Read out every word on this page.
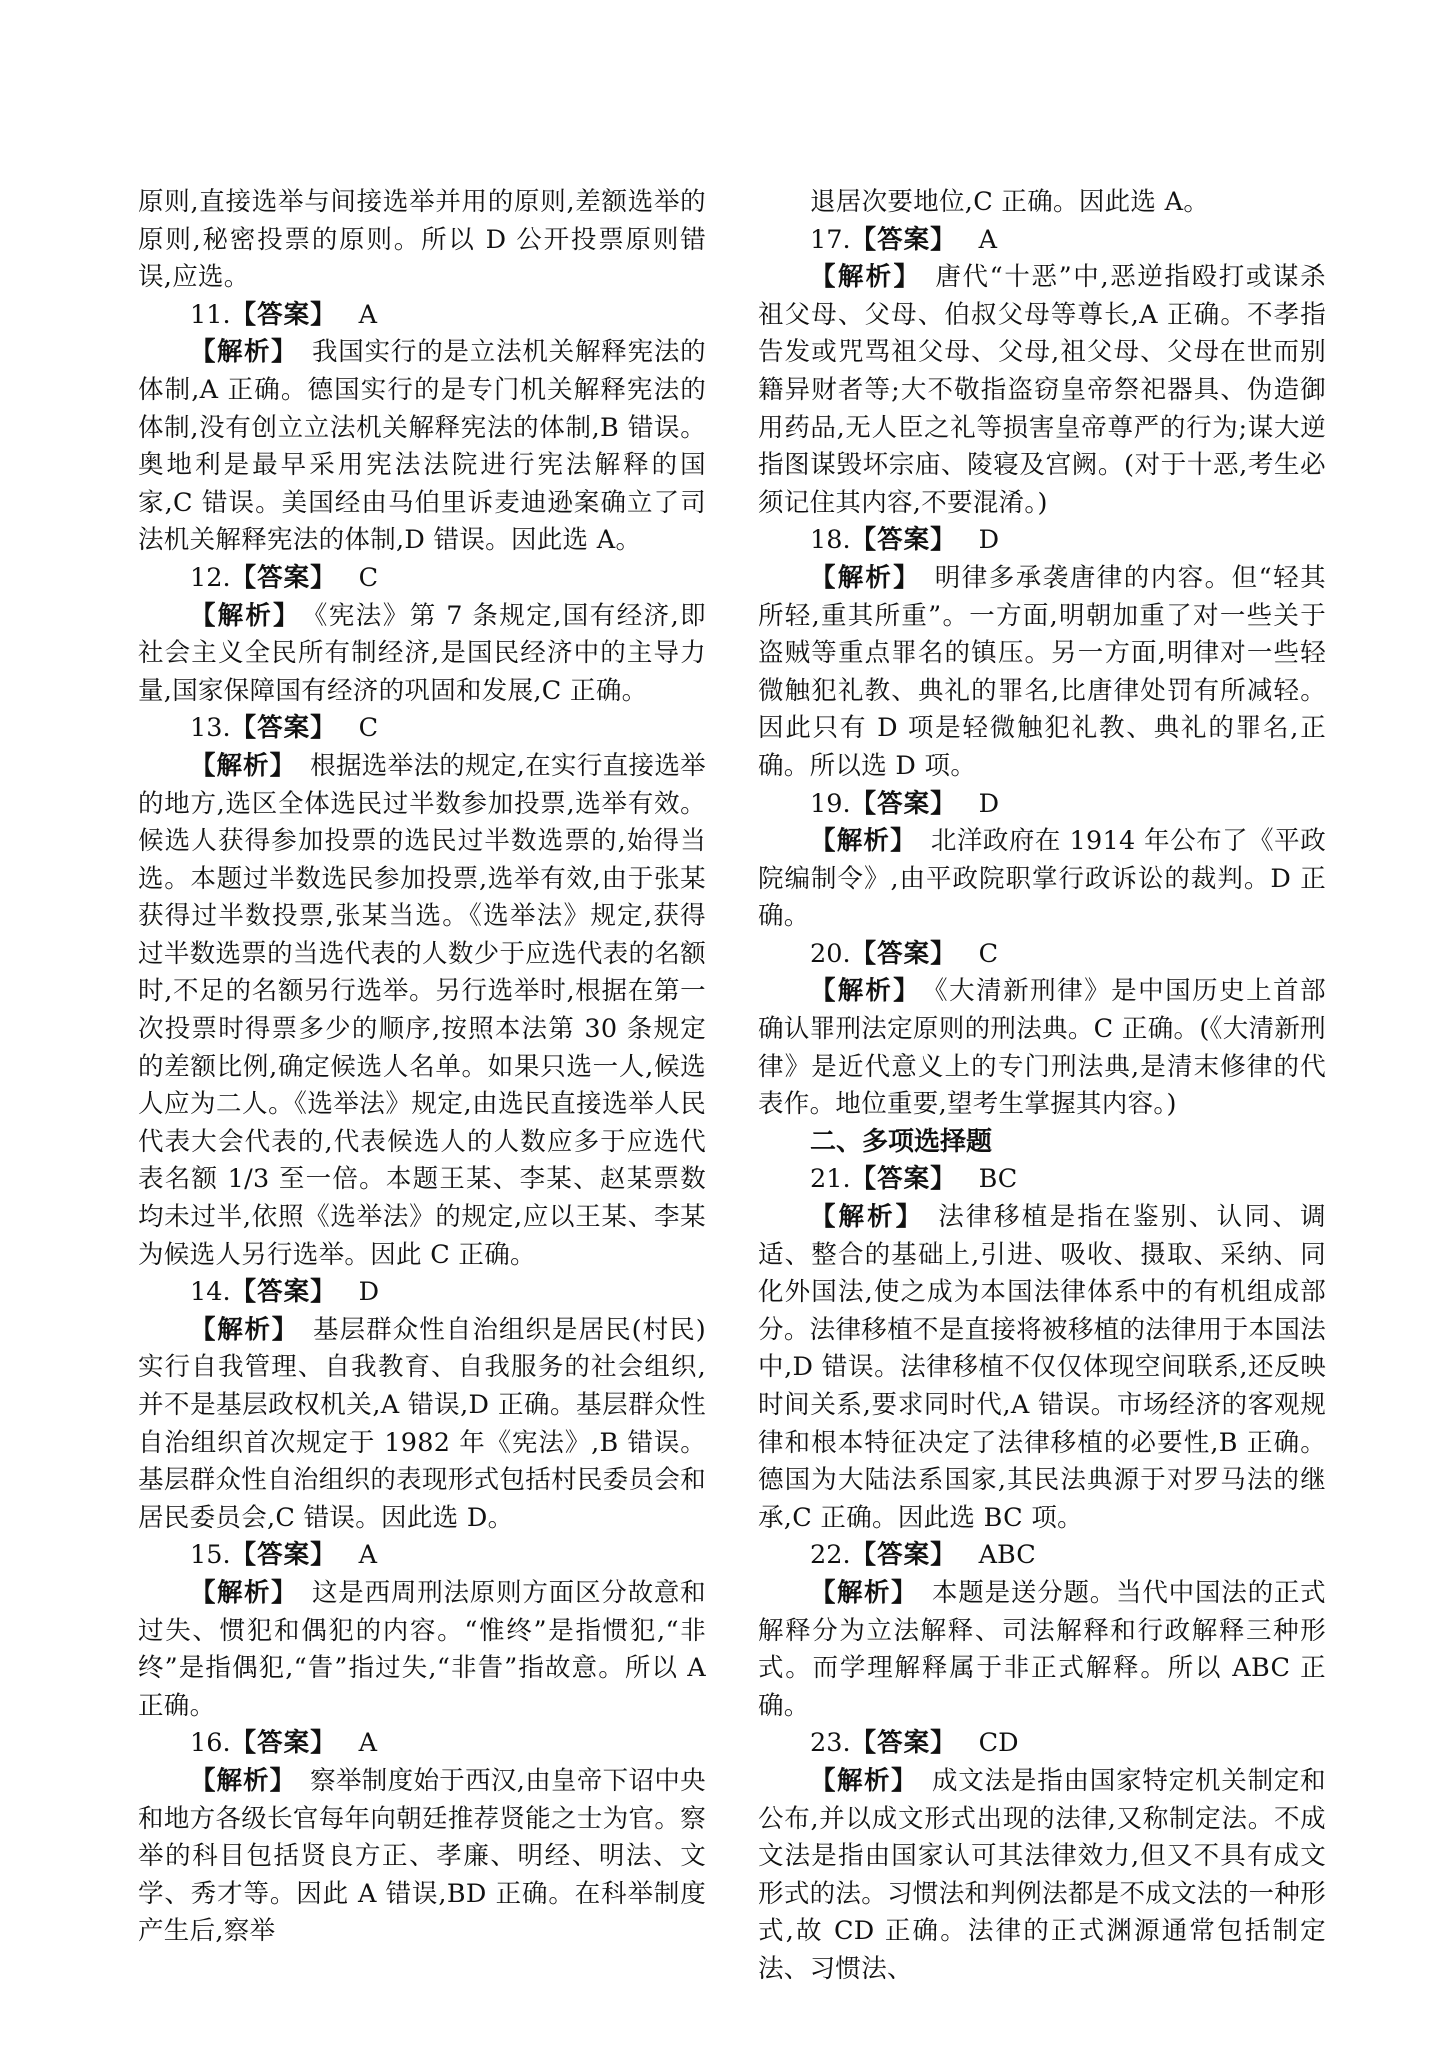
原则,直接选举与间接选举并用的原则,差额选举的原则,秘密投票的原则。所以 D 公开投票原则错误,应选。

11.【答案】 A

【解析】 我国实行的是立法机关解释宪法的体制,A 正确。德国实行的是专门机关解释宪法的体制,没有创立立法机关解释宪法的体制,B 错误。奥地利是最早采用宪法法院进行宪法解释的国家,C 错误。美国经由马伯里诉麦迪逊案确立了司法机关解释宪法的体制,D 错误。因此选 A。

12.【答案】 C

【解析】 《宪法》第 7 条规定,国有经济,即社会主义全民所有制经济,是国民经济中的主导力量,国家保障国有经济的巩固和发展,C 正确。

13.【答案】 C

【解析】 根据选举法的规定,在实行直接选举的地方,选区全体选民过半数参加投票,选举有效。候选人获得参加投票的选民过半数选票的,始得当选。本题过半数选民参加投票,选举有效,由于张某获得过半数投票,张某当选。《选举法》规定,获得过半数选票的当选代表的人数少于应选代表的名额时,不足的名额另行选举。另行选举时,根据在第一次投票时得票多少的顺序,按照本法第 30 条规定的差额比例,确定候选人名单。如果只选一人,候选人应为二人。《选举法》规定,由选民直接选举人民代表大会代表的,代表候选人的人数应多于应选代表名额 1/3 至一倍。本题王某、李某、赵某票数均未过半,依照《选举法》的规定,应以王某、李某为候选人另行选举。因此 C 正确。

14.【答案】 D

【解析】 基层群众性自治组织是居民(村民)实行自我管理、自我教育、自我服务的社会组织,并不是基层政权机关,A 错误,D 正确。基层群众性自治组织首次规定于 1982 年《宪法》,B 错误。基层群众性自治组织的表现形式包括村民委员会和居民委员会,C 错误。因此选 D。

15.【答案】 A

【解析】 这是西周刑法原则方面区分故意和过失、惯犯和偶犯的内容。“惟终”是指惯犯,“非终”是指偶犯,“眚”指过失,“非眚”指故意。所以 A 正确。

16.【答案】 A

【解析】 察举制度始于西汉,由皇帝下诏中央和地方各级长官每年向朝廷推荐贤能之士为官。察举的科目包括贤良方正、孝廉、明经、明法、文学、秀才等。因此 A 错误,BD 正确。在科举制度产生后,察举

退居次要地位,C 正确。因此选 A。

17.【答案】 A

【解析】 唐代“十恶”中,恶逆指殴打或谋杀祖父母、父母、伯叔父母等尊长,A 正确。不孝指告发或咒骂祖父母、父母,祖父母、父母在世而别籍异财者等;大不敬指盗窃皇帝祭祀器具、伪造御用药品,无人臣之礼等损害皇帝尊严的行为;谋大逆指图谋毁坏宗庙、陵寝及宫阙。(对于十恶,考生必须记住其内容,不要混淆。)

18.【答案】 D

【解析】 明律多承袭唐律的内容。但“轻其所轻,重其所重”。一方面,明朝加重了对一些关于盗贼等重点罪名的镇压。另一方面,明律对一些轻微触犯礼教、典礼的罪名,比唐律处罚有所减轻。因此只有 D 项是轻微触犯礼教、典礼的罪名,正确。所以选 D 项。

19.【答案】 D

【解析】 北洋政府在 1914 年公布了《平政院编制令》,由平政院职掌行政诉讼的裁判。D 正确。

20.【答案】 C

【解析】 《大清新刑律》是中国历史上首部确认罪刑法定原则的刑法典。C 正确。(《大清新刑律》是近代意义上的专门刑法典,是清末修律的代表作。地位重要,望考生掌握其内容。)

二、多项选择题

21.【答案】 BC

【解析】 法律移植是指在鉴别、认同、调适、整合的基础上,引进、吸收、摄取、采纳、同化外国法,使之成为本国法律体系中的有机组成部分。法律移植不是直接将被移植的法律用于本国法中,D 错误。法律移植不仅仅体现空间联系,还反映时间关系,要求同时代,A 错误。市场经济的客观规律和根本特征决定了法律移植的必要性,B 正确。德国为大陆法系国家,其民法典源于对罗马法的继承,C 正确。因此选 BC 项。

22.【答案】 ABC

【解析】 本题是送分题。当代中国法的正式解释分为立法解释、司法解释和行政解释三种形式。而学理解释属于非正式解释。所以 ABC 正确。

23.【答案】 CD

【解析】 成文法是指由国家特定机关制定和公布,并以成文形式出现的法律,又称制定法。不成文法是指由国家认可其法律效力,但又不具有成文形式的法。习惯法和判例法都是不成文法的一种形式,故 CD 正确。法律的正式渊源通常包括制定法、习惯法、
